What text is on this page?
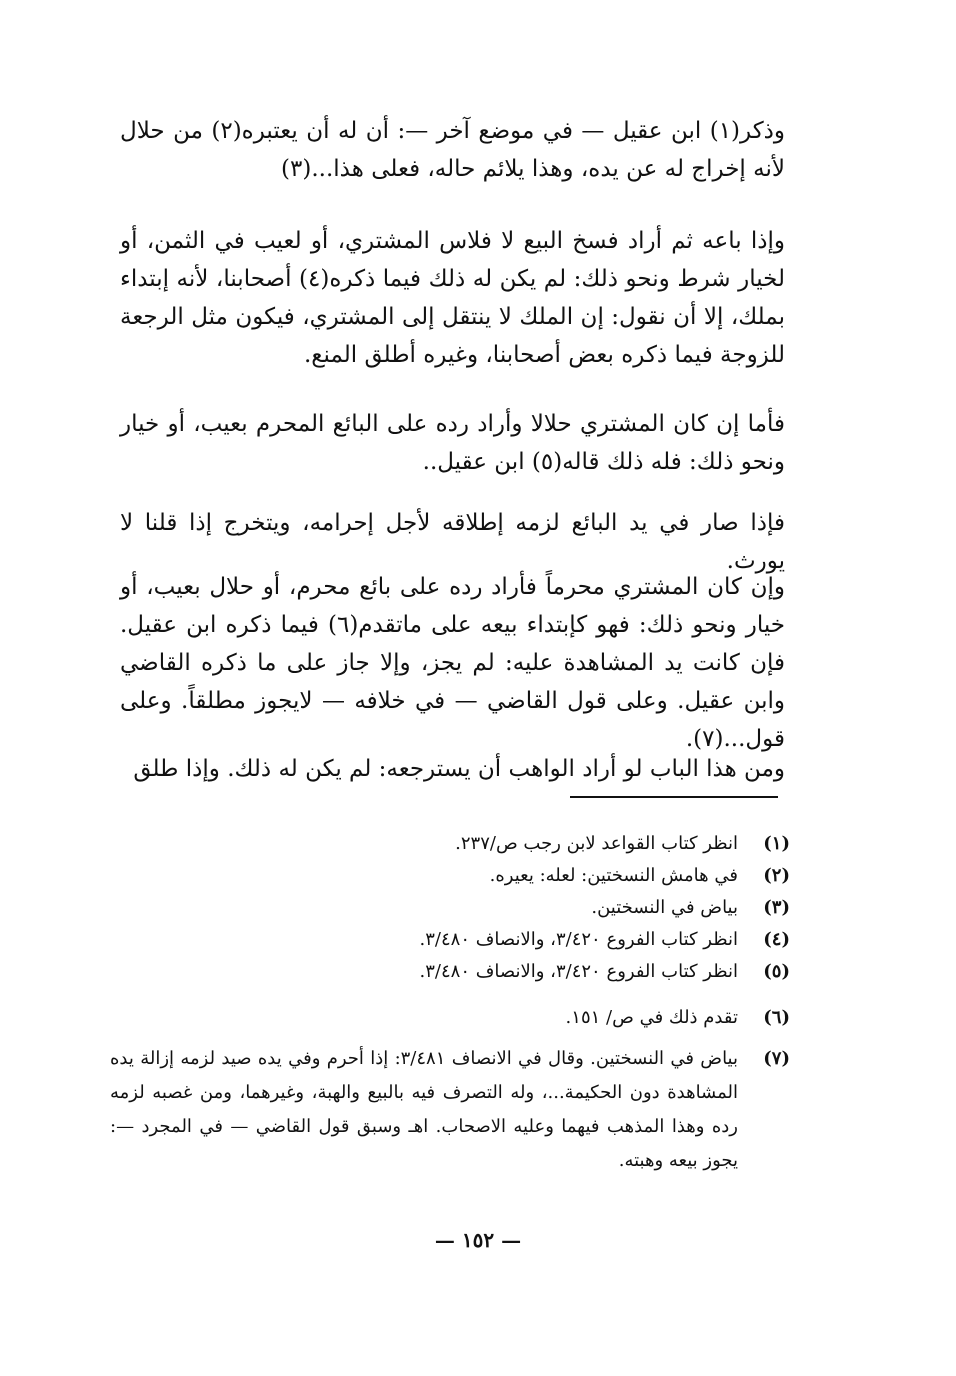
وذكر(١) ابن عقيل — في موضع آخر —: أن له أن يعتبره(٢) من حلال لأنه إخراج له عن يده، وهذا يلائم حاله، فعلى هذا...(٣)

وإذا باعه ثم أراد فسخ البيع لا فلاس المشتري، أو لعيب في الثمن، أو لخيار شرط ونحو ذلك: لم يكن له ذلك فيما ذكره(٤) أصحابنا، لأنه إبتداء بملك، إلا أن نقول: إن الملك لا ينتقل إلى المشتري، فيكون مثل الرجعة للزوجة فيما ذكره بعض أصحابنا، وغيره أطلق المنع.

فأما إن كان المشتري حلالا وأراد رده على البائع المحرم بعيب، أو خيار ونحو ذلك: فله ذلك قاله(٥) ابن عقيل..

فإذا صار في يد البائع لزمه إطلاقه لأجل إحرامه، ويتخرج إذا قلنا لا يورث.

وإن كان المشتري محرماً فأراد رده على بائع محرم، أو حلال بعيب، أو خيار ونحو ذلك: فهو كإبتداء بيعه على ماتقدم(٦) فيما ذكره ابن عقيل. فإن كانت يد المشاهدة عليه: لم يجز، وإلا جاز على ما ذكره القاضي وابن عقيل. وعلى قول القاضي — في خلافه — لايجوز مطلقاً. وعلى قول...(٧).

ومن هذا الباب لو أراد الواهب أن يسترجعه: لم يكن له ذلك. وإذا طلق

(١)
انظر كتاب القواعد لابن رجب ص/٢٣٧.
(٢)
في هامش النسختين: لعله: يعيره.
(٣)
بياض في النسختين.
(٤)
انظر كتاب الفروع ٣/٤٢٠، والانصاف ٣/٤٨٠.
(٥)
انظر كتاب الفروع ٣/٤٢٠، والانصاف ٣/٤٨٠.
(٦)
تقدم ذلك في ص/ ١٥١.
(٧)
بياض في النسختين. وقال في الانصاف ٣/٤٨١: إذا أحرم وفي يده صيد لزمه إزالة يده المشاهدة دون الحكيمة...، وله التصرف فيه بالبيع والهبة، وغيرهما، ومن غصبه لزمه رده وهذا المذهب فيهما وعليه الاصحاب. اهـ وسبق قول القاضي — في المجرد —: يجوز بيعه وهبته.
— ١٥٢ —
